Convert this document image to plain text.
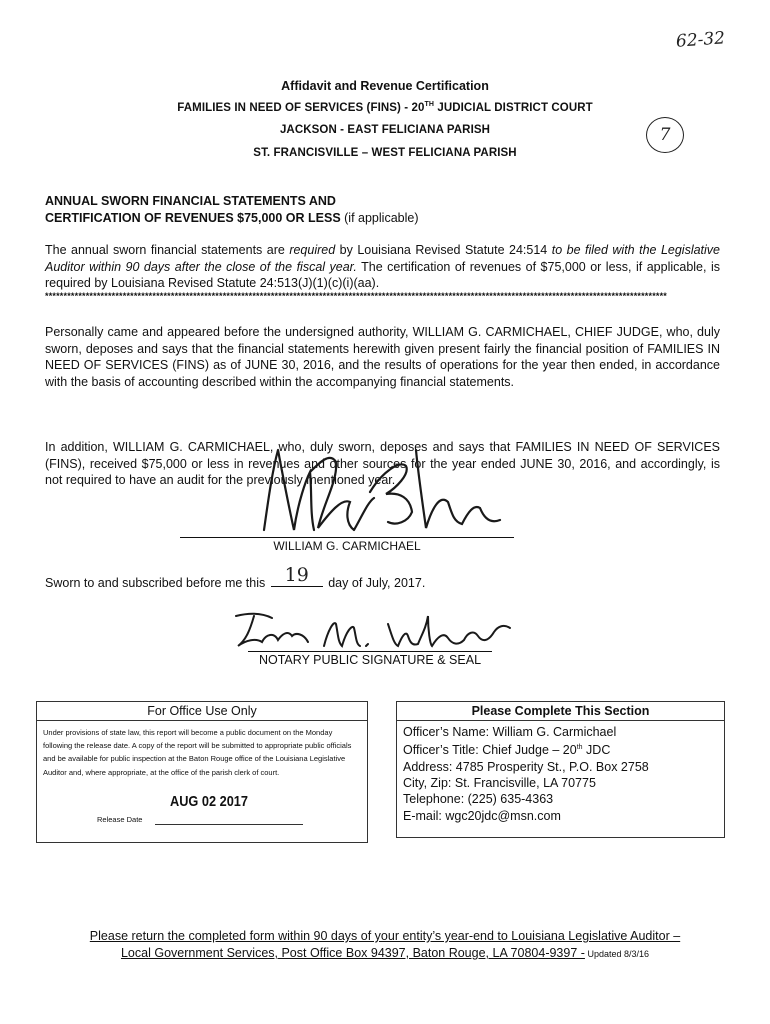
62-32
7
Affidavit and Revenue Certification
FAMILIES IN NEED OF SERVICES (FINS) - 20TH JUDICIAL DISTRICT COURT
JACKSON - EAST FELICIANA PARISH
ST. FRANCISVILLE – WEST FELICIANA PARISH
ANNUAL SWORN FINANCIAL STATEMENTS AND
CERTIFICATION OF REVENUES $75,000 OR LESS (if applicable)
The annual sworn financial statements are required by Louisiana Revised Statute 24:514 to be filed with the Legislative Auditor within 90 days after the close of the fiscal year. The certification of revenues of $75,000 or less, if applicable, is required by Louisiana Revised Statute 24:513(J)(1)(c)(i)(aa).
************************************************************************************************************************************************************************
Personally came and appeared before the undersigned authority, WILLIAM G. CARMICHAEL, CHIEF JUDGE, who, duly sworn, deposes and says that the financial statements herewith given present fairly the financial position of FAMILIES IN NEED OF SERVICES (FINS) as of JUNE 30, 2016, and the results of operations for the year then ended, in accordance with the basis of accounting described within the accompanying financial statements.
In addition, WILLIAM G. CARMICHAEL, who, duly sworn, deposes and says that FAMILIES IN NEED OF SERVICES (FINS), received $75,000 or less in revenues and other sources for the year ended JUNE 30, 2016, and accordingly, is not required to have an audit for the previously mentioned year.
WILLIAM G. CARMICHAEL
Sworn to and subscribed before me this 19 day of July, 2017.
NOTARY PUBLIC SIGNATURE & SEAL
For Office Use Only
Under provisions of state law, this report will become a public document on the Monday following the release date. A copy of the report will be submitted to appropriate public officials and be available for public inspection at the Baton Rouge office of the Louisiana Legislative Auditor and, where appropriate, at the office of the parish clerk of court.
AUG 02 2017
Release Date
Please Complete This Section
Officer’s Name: William G. Carmichael
Officer’s Title: Chief Judge – 20th JDC
Address: 4785 Prosperity St., P.O. Box 2758
City, Zip: St. Francisville, LA 70775
Telephone: (225) 635-4363
E-mail: wgc20jdc@msn.com
Please return the completed form within 90 days of your entity’s year-end to Louisiana Legislative Auditor –
Local Government Services, Post Office Box 94397, Baton Rouge, LA 70804-9397 - Updated 8/3/16
